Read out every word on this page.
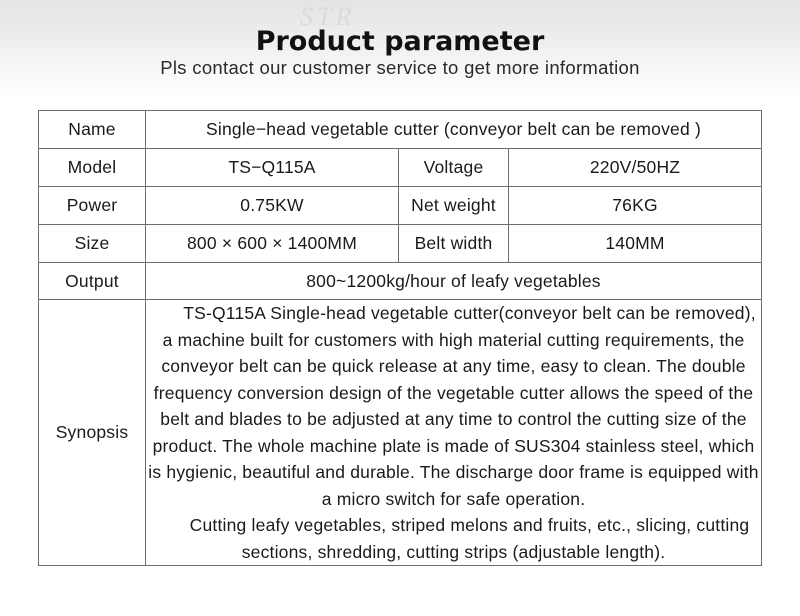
STR
Product parameter
Pls contact our customer service to get more information
Name	Single−head vegetable cutter (conveyor belt can be removed )		
Model	TS−Q115A	Voltage	220V/50HZ
Power	0.75KW	Net weight	76KG
Size	800 × 600 × 1400MM	Belt width	140MM
Output	800~1200kg/hour of leafy vegetables		
Synopsis	TS-Q115A Single-head vegetable cutter(conveyor belt can be removed), a machine built for customers with high material cutting requirements, the conveyor belt can be quick release at any time, easy to clean. The double frequency conversion design of the vegetable cutter allows the speed of the belt and blades to be adjusted at any time to control the cutting size of the product. The whole machine plate is made of SUS304 stainless steel, which is hygienic, beautiful and durable. The discharge door frame is equipped with a micro switch for safe operation.

Cutting leafy vegetables, striped melons and fruits, etc., slicing, cutting sections, shredding, cutting strips (adjustable length).		
